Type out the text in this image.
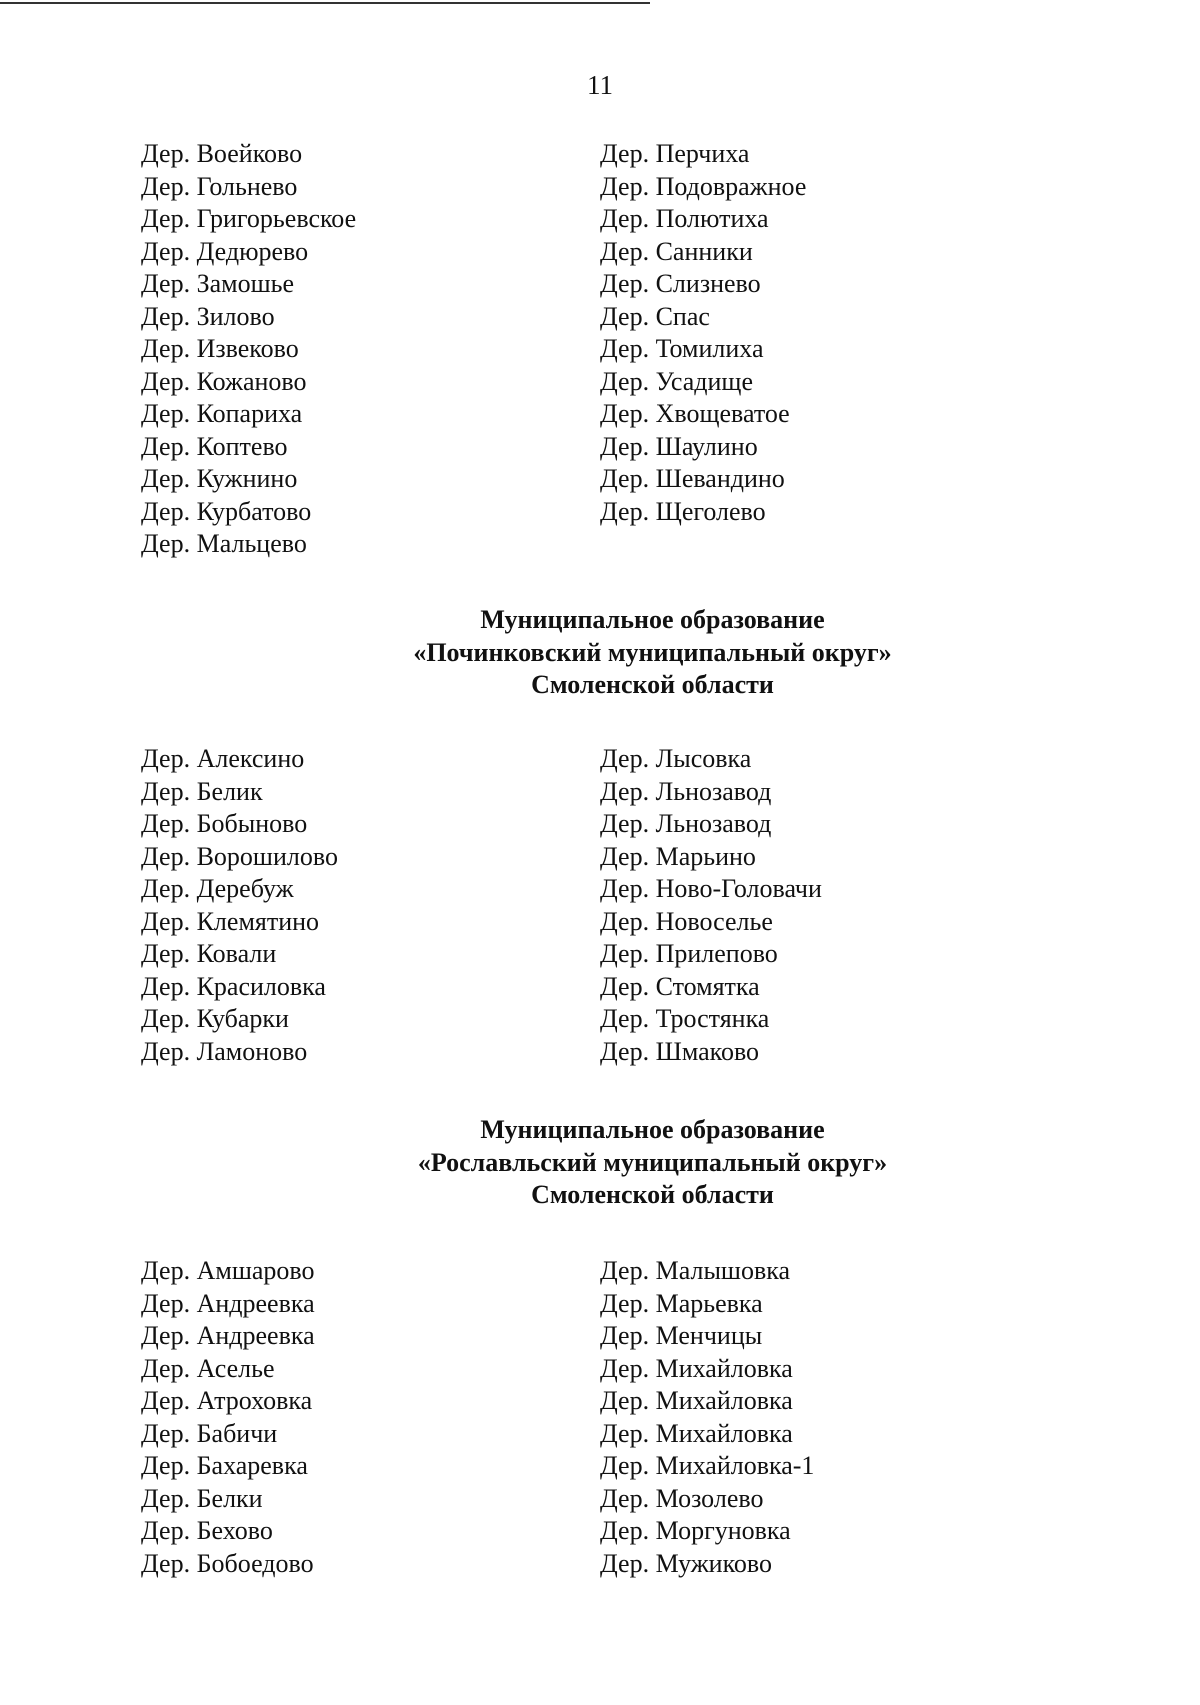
11
Дер. Воейково
Дер. Гольнево
Дер. Григорьевское
Дер. Дедюрево
Дер. Замошье
Дер. Зилово
Дер. Извеково
Дер. Кожаново
Дер. Копариха
Дер. Коптево
Дер. Кужнино
Дер. Курбатово
Дер. Мальцево
Дер. Перчиха
Дер. Подовражное
Дер. Полютиха
Дер. Санники
Дер. Слизнево
Дер. Спас
Дер. Томилиха
Дер. Усадище
Дер. Хвощеватое
Дер. Шаулино
Дер. Шевандино
Дер. Щеголево
Муниципальное образование
«Починковский муниципальный округ»
Смоленской области
Дер. Алексино
Дер. Белик
Дер. Бобыново
Дер. Ворошилово
Дер. Деребуж
Дер. Клемятино
Дер. Ковали
Дер. Красиловка
Дер. Кубарки
Дер. Ламоново
Дер. Лысовка
Дер. Льнозавод
Дер. Льнозавод
Дер. Марьино
Дер. Ново-Головачи
Дер. Новоселье
Дер. Прилепово
Дер. Стомятка
Дер. Тростянка
Дер. Шмаково
Муниципальное образование
«Рославльский муниципальный округ»
Смоленской области
Дер. Амшарово
Дер. Андреевка
Дер. Андреевка
Дер. Аселье
Дер. Атроховка
Дер. Бабичи
Дер. Бахаревка
Дер. Белки
Дер. Бехово
Дер. Бобоедово
Дер. Малышовка
Дер. Марьевка
Дер. Менчицы
Дер. Михайловка
Дер. Михайловка
Дер. Михайловка
Дер. Михайловка-1
Дер. Мозолево
Дер. Моргуновка
Дер. Мужиково
